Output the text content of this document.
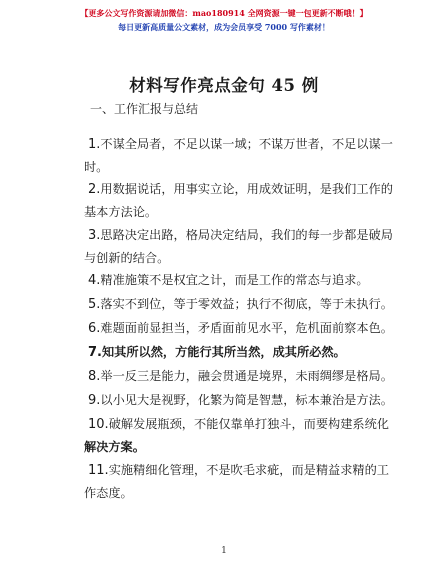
【更多公文写作资源请加微信：mao180914 全网资源一键一包更新不断哦！】
每日更新高质量公文素材，成为会员享受 7000 写作素材！
材料写作亮点金句 45 例
一、工作汇报与总结
1.不谋全局者，不足以谋一域；不谋万世者，不足以谋一
时。
2.用数据说话，用事实立论，用成效证明，是我们工作的
基本方法论。
3.思路决定出路，格局决定结局，我们的每一步都是破局
与创新的结合。
4.精准施策不是权宜之计，而是工作的常态与追求。
5.落实不到位，等于零效益；执行不彻底，等于未执行。
6.难题面前显担当，矛盾面前见水平，危机面前察本色。
7.知其所以然，方能行其所当然，成其所必然。
8.举一反三是能力，融会贯通是境界，未雨绸缪是格局。
9.以小见大是视野，化繁为简是智慧，标本兼治是方法。
10.破解发展瓶颈，不能仅靠单打独斗，而要构建系统化
解决方案。
11.实施精细化管理，不是吹毛求疵，而是精益求精的工
作态度。
1
